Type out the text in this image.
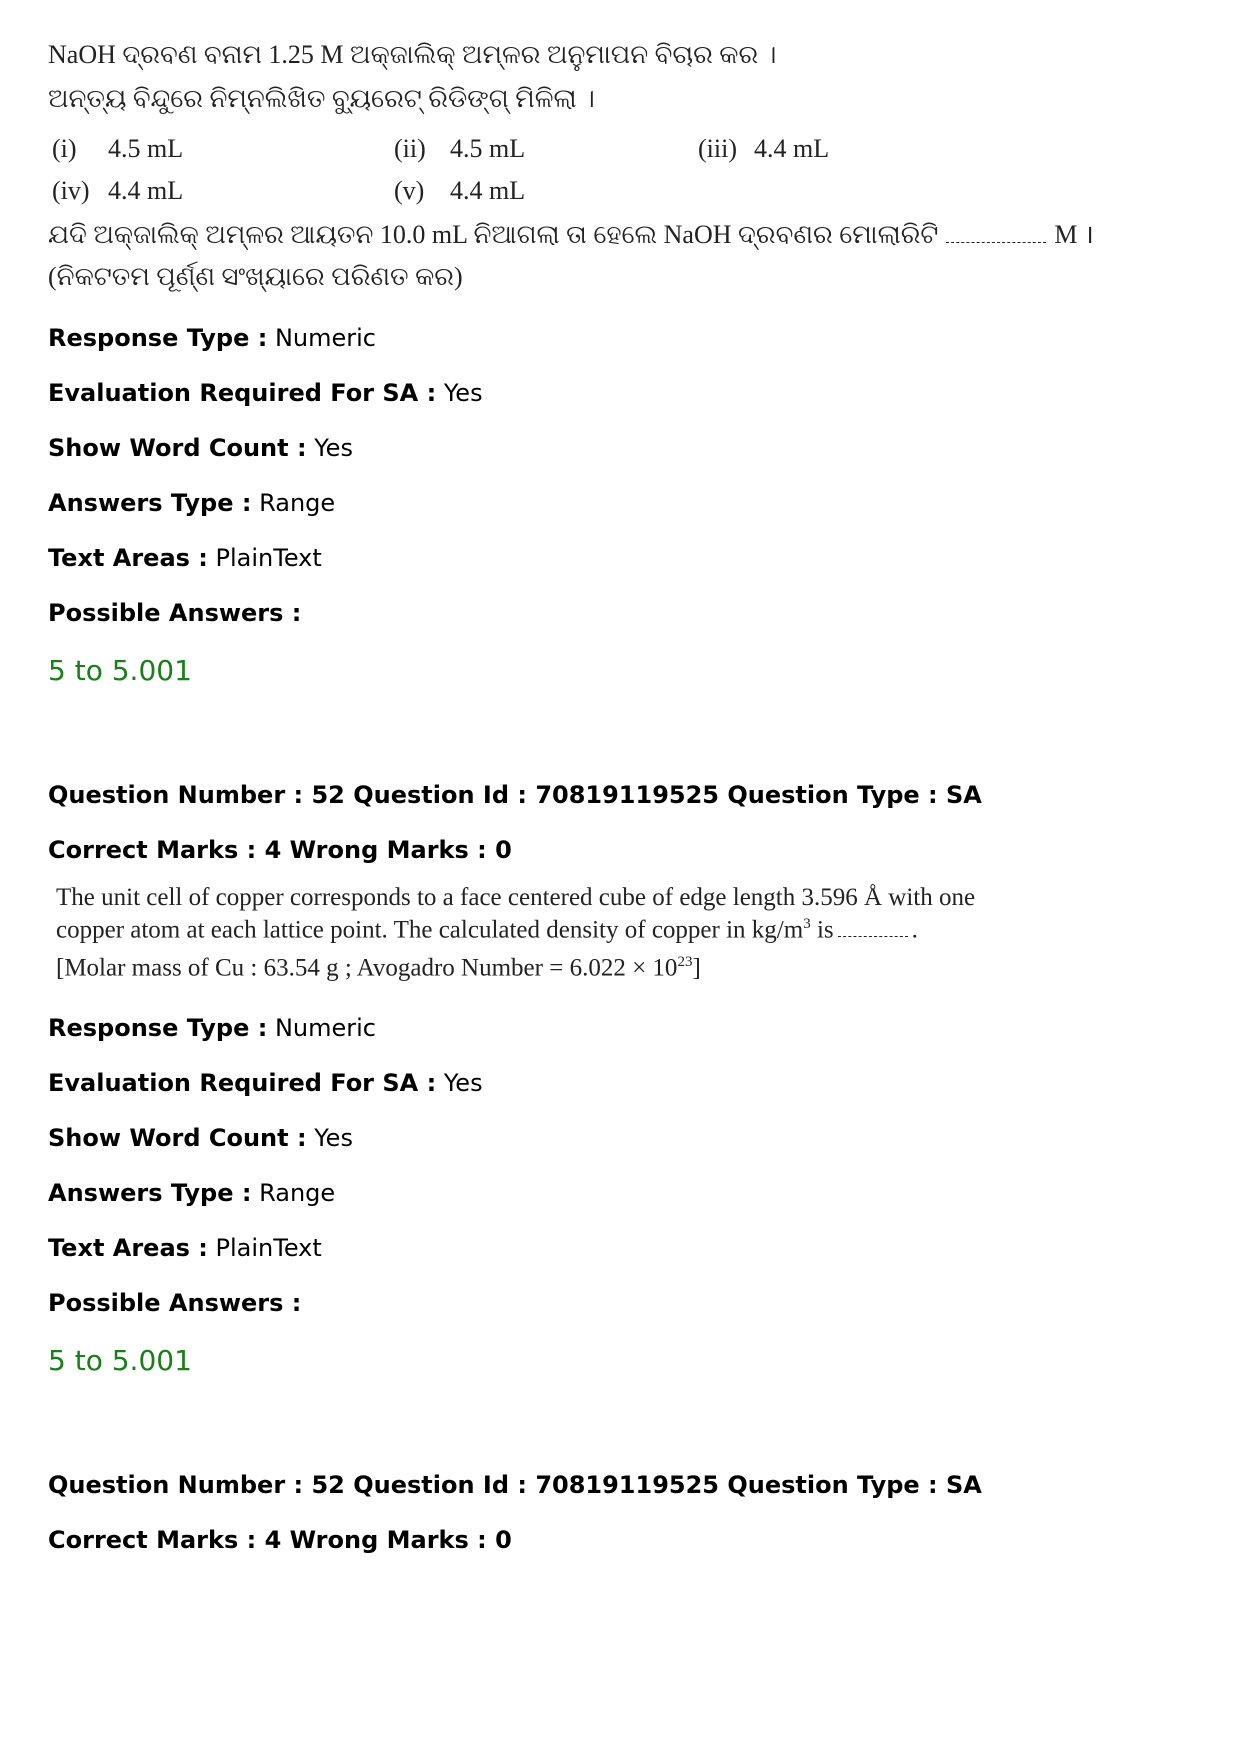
NaOH ଦ୍ରବଣ ବନାମ 1.25 M ଅକ୍ଜାଲିକ୍ ଅମ୍ଳର ଅନୁମାପନ ବିଚାର କର ।
ଅନ୍ତ୍ୟ ବିନ୍ଦୁରେ ନିମ୍ନଲିଖିତ ବ୍ୟୁରେଟ୍ ରିଡିଙ୍ଗ୍ ମିଳିଲା ।
(i) 4.5 mL	(ii) 4.5 mL	(iii) 4.4 mL
(iv) 4.4 mL	(v) 4.4 mL
ଯଦି ଅକ୍ଜାଲିକ୍ ଅମ୍ଳର ଆୟତନ 10.0 mL ନିଆଗଲା ତା ହେଲେ NaOH ଦ୍ରବଣର ମୋଲାରିଟି	M ।
(ନିକଟତମ ପୂର୍ଣ୍ଣ ସଂଖ୍ୟାରେ ପରିଣତ କର)
Response Type : Numeric
Evaluation Required For SA : Yes
Show Word Count : Yes
Answers Type : Range
Text Areas : PlainText
Possible Answers :
5 to 5.001
Question Number : 52 Question Id : 70819119525 Question Type : SA
Correct Marks : 4 Wrong Marks : 0
The unit cell of copper corresponds to a face centered cube of edge length 3.596 Å with one
copper atom at each lattice point. The calculated density of copper in $kg/m^3$ is	.
[Molar mass of Cu : 63.54 g ; Avogadro Number = $6.022 \times 10^{23}$]
Response Type : Numeric
Evaluation Required For SA : Yes
Show Word Count : Yes
Answers Type : Range
Text Areas : PlainText
Possible Answers :
5 to 5.001
Question Number : 52 Question Id : 70819119525 Question Type : SA
Correct Marks : 4 Wrong Marks : 0
